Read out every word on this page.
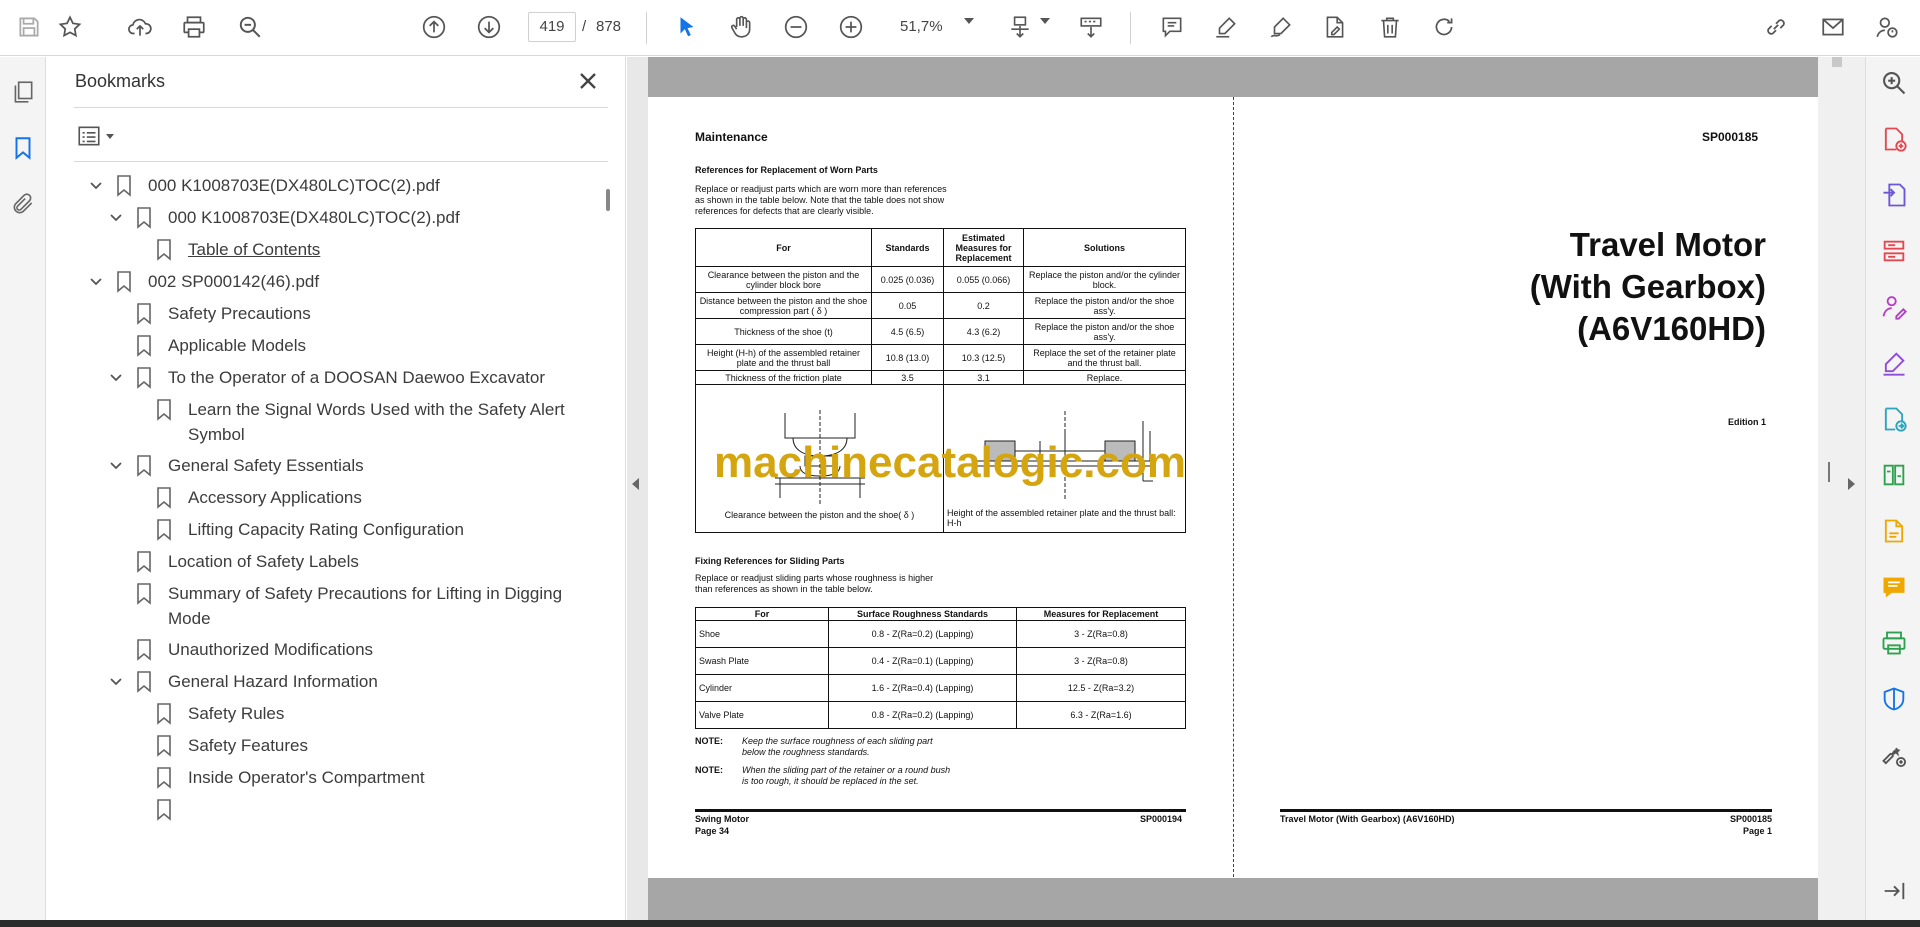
419	/ 878	51,7%
Bookmarks
000 K1008703E(DX480LC)TOC(2).pdf
000 K1008703E(DX480LC)TOC(2).pdf
Table of Contents
002 SP000142(46).pdf
Safety Precautions
Applicable Models
To the Operator of a DOOSAN Daewoo Excavator
Learn the Signal Words Used with the Safety Alert Symbol
General Safety Essentials
Accessory Applications
Lifting Capacity Rating Configuration
Location of Safety Labels
Summary of Safety Precautions for Lifting in Digging Mode
Unauthorized Modifications
General Hazard Information
Safety Rules
Safety Features
Inside Operator's Compartment
Maintenance
References for Replacement of Worn Parts
Replace or readjust parts which are worn more than references
as shown in the table below. Note that the table does not show
references for defects that are clearly visible.
For	Standards	Estimated Measures for Replacement	Solutions
Clearance between the piston and the cylinder block bore	0.025 (0.036)	0.055 (0.066)	Replace the piston and/or the cylinder block.
Distance between the piston and the shoe compression part ( δ )	0.05	0.2	Replace the piston and/or the shoe ass'y.
Thickness of the shoe (t)	4.5 (6.5)	4.3 (6.2)	Replace the piston and/or the shoe ass'y.
Height (H-h) of the assembled retainer plate and the thrust ball	10.8 (13.0)	10.3 (12.5)	Replace the set of the retainer plate and the thrust ball.
Thickness of the friction plate	3.5	3.1	Replace.

Clearance between the piston and the shoe( δ )		Height of the assembled retainer plate and the thrust ball: H-h	
Fixing References for Sliding Parts
Replace or readjust sliding parts whose roughness is higher
than references as shown in the table below.
For	Surface Roughness Standards	Measures for Replacement
Shoe	0.8 - Z(Ra=0.2) (Lapping)	3 - Z(Ra=0.8)
Swash Plate	0.4 - Z(Ra=0.1) (Lapping)	3 - Z(Ra=0.8)
Cylinder	1.6 - Z(Ra=0.4) (Lapping)	12.5 - Z(Ra=3.2)
Valve Plate	0.8 - Z(Ra=0.2) (Lapping)	6.3 - Z(Ra=1.6)
NOTE: Keep the surface roughness of each sliding part
below the roughness standards.
NOTE: When the sliding part of the retainer or a round bush
is too rough, it should be replaced in the set.
Swing Motor
Page 34
SP000194
SP000185
Travel Motor
(With Gearbox)
(A6V160HD)
Edition 1
Travel Motor (With Gearbox) (A6V160HD)	SP000185
Page 1
machinecatalogic.com
